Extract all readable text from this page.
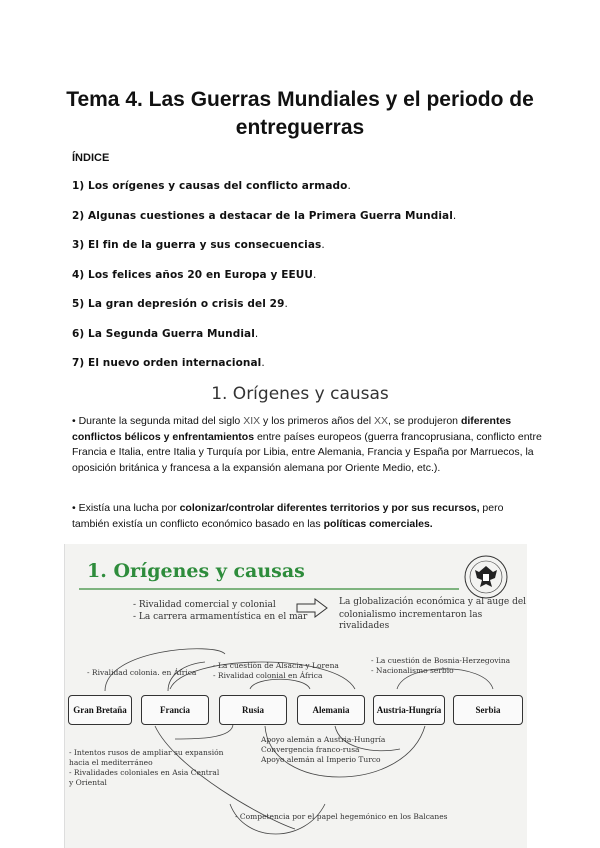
Tema 4. Las Guerras Mundiales y el periodo de entreguerras
ÍNDICE
1) Los orígenes y causas del conflicto armado.
2) Algunas cuestiones a destacar de la Primera Guerra Mundial.
3) El fin de la guerra y sus consecuencias.
4) Los felices años 20 en Europa y EEUU.
5) La gran depresión o crisis del 29.
6) La Segunda Guerra Mundial.
7) El nuevo orden internacional.
1. Orígenes y causas
• Durante la segunda mitad del siglo XIX y los primeros años del XX, se produjeron diferentes conflictos bélicos y enfrentamientos entre países europeos (guerra francoprusiana, conflicto entre Francia e Italia, entre Italia y Turquía por Libia, entre Alemania, Francia y España por Marruecos, la oposición británica y francesa a la expansión alemana por Oriente Medio, etc.).
• Existía una lucha por colonizar/controlar diferentes territorios y por sus recursos, pero también existía un conflicto económico basado en las políticas comerciales.
1. Orígenes y causas
- Rivalidad comercial y colonial
- La carrera armamentística en el mar
La globalización económica y al auge del
colonialismo incrementaron las rivalidades
- Rivalidad colonia. en África
- La cuestión de Alsacia y Lorena
- Rivalidad colonial en África
- La cuestión de Bosnia-Herzegovina
- Nacionalismo serbio
Gran Bretaña	Francia	Rusia	Alemania	Austria-Hungría	Serbia
- Intentos rusos de ampliar su expansión
hacia el mediterráneo
- Rivalidades coloniales en Asia Central
y Oriental
Apoyo alemán a Austria-Hungría
Convergencia franco-rusa
Apoyo alemán al Imperio Turco
- Competencia por el papel hegemónico en los Balcanes
